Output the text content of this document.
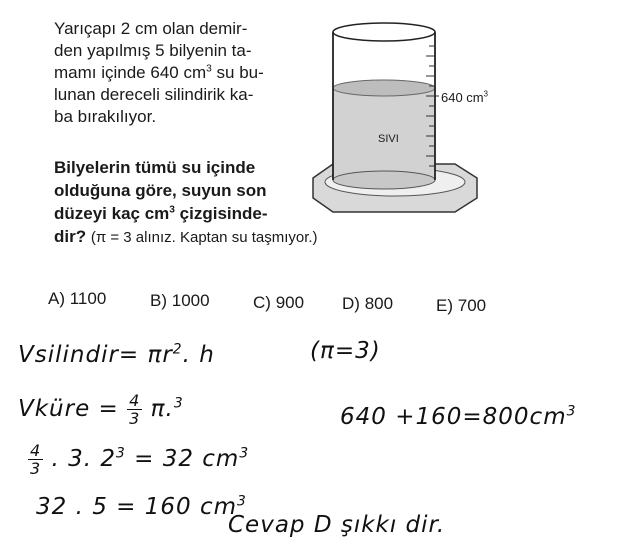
Yarıçapı 2 cm olan demir-
den yapılmış 5 bilyenin ta-
mamı içinde 640 $cm^3$ su bu-
lunan dereceli silindirik ka-
ba bırakılıyor.
Bilyelerin tümü su içinde
olduğuna göre, suyun son
düzeyi kaç $cm^3$ çizgisinde-
dir? (π = 3 alınız. Kaptan su taşmıyor.)
640 $cm^3$
SIVI
A) 1100	B) 1000	C) 900 D) 800	E) 700
Vsilindir= $\pi r^2$. h	(π=3)
Vküre = $\frac{4}{3} \pi.^3$
$\frac{4}{3}$ . 3. $2^3 = 32$ $cm^3$
32 . 5 = 160 $cm^3$
Cevap D şıkkı dir.
$640 +160=800cm^3$
